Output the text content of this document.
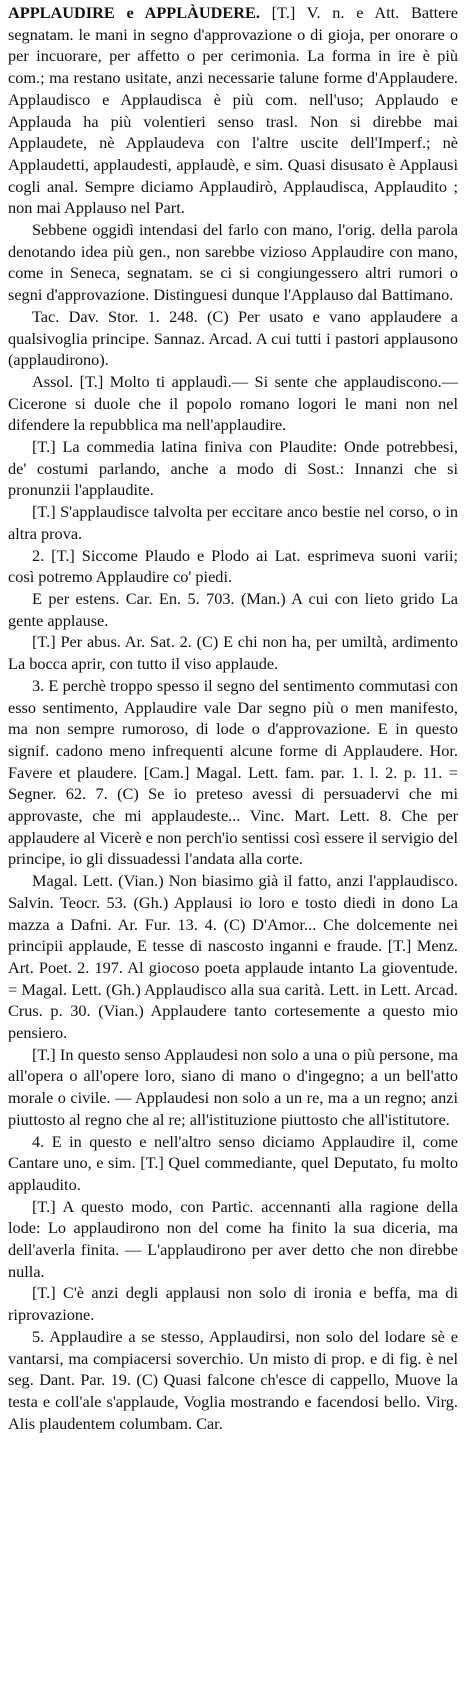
APPLAUDIRE e APPLÀUDERE. [T.] V. n. e Att. Battere segnatam. le mani in segno d'approvazione o di gioja, per onorare o per incuorare, per affetto o per cerimonia. La forma in ire è più com.; ma restano usitate, anzi necessarie talune forme d'Applaudere. Applaudisco e Applaudisca è più com. nell'uso; Applaudo e Applauda ha più volentieri senso trasl. Non si direbbe mai Applaudete, nè Applaudeva con l'altre uscite dell'Imperf.; nè Applaudetti, applaudesti, applaudè, e sim. Quasi disusato è Applausi cogli anal. Sempre diciamo Applaudirò, Applaudisca, Applaudito ; non mai Applauso nel Part.

Sebbene oggidì intendasi del farlo con mano, l'orig. della parola denotando idea più gen., non sarebbe vizioso Applaudire con mano, come in Seneca, segnatam. se ci si congiungessero altri rumori o segni d'approvazione. Distinguesi dunque l'Applauso dal Battimano.

Tac. Dav. Stor. 1. 248. (C) Per usato e vano applaudere a qualsivoglia principe. Sannaz. Arcad. A cui tutti i pastori applausono (applaudirono).

Assol. [T.] Molto ti applaudì.— Si sente che applaudiscono.— Cicerone si duole che il popolo romano logori le mani non nel difendere la repubblica ma nell'applaudire.

[T.] La commedia latina finiva con Plaudite: Onde potrebbesi, de' costumi parlando, anche a modo di Sost.: Innanzi che si pronunzii l'applaudite.

[T.] S'applaudisce talvolta per eccitare anco bestie nel corso, o in altra prova.

2. [T.] Siccome Plaudo e Plodo ai Lat. esprimeva suoni varii; così potremo Applaudire co' piedi.

E per estens. Car. En. 5. 703. (Man.) A cui con lieto grido La gente applause.

[T.] Per abus. Ar. Sat. 2. (C) E chi non ha, per umiltà, ardimento La bocca aprir, con tutto il viso applaude.

3. E perchè troppo spesso il segno del sentimento commutasi con esso sentimento, Applaudire vale Dar segno più o men manifesto, ma non sempre rumoroso, di lode o d'approvazione. E in questo signif. cadono meno infrequenti alcune forme di Applaudere. Hor. Favere et plaudere. [Cam.] Magal. Lett. fam. par. 1. l. 2. p. 11. = Segner. 62. 7. (C) Se io preteso avessi di persuadervi che mi approvaste, che mi applaudeste... Vinc. Mart. Lett. 8. Che per applaudere al Vicerè e non perch'io sentissi così essere il servigio del principe, io gli dissuadessi l'andata alla corte.

Magal. Lett. (Vian.) Non biasimo già il fatto, anzi l'applaudisco. Salvin. Teocr. 53. (Gh.) Applausi io loro e tosto diedi in dono La mazza a Dafni. Ar. Fur. 13. 4. (C) D'Amor... Che dolcemente nei principii applaude, E tesse di nascosto inganni e fraude. [T.] Menz. Art. Poet. 2. 197. Al giocoso poeta applaude intanto La gioventude. = Magal. Lett. (Gh.) Applaudisco alla sua carità. Lett. in Lett. Arcad. Crus. p. 30. (Vian.) Applaudere tanto cortesemente a questo mio pensiero.

[T.] In questo senso Applaudesi non solo a una o più persone, ma all'opera o all'opere loro, siano di mano o d'ingegno; a un bell'atto morale o civile. — Applaudesi non solo a un re, ma a un regno; anzi piuttosto al regno che al re; all'istituzione piuttosto che all'istitutore.

4. E in questo e nell'altro senso diciamo Applaudire il, come Cantare uno, e sim. [T.] Quel commediante, quel Deputato, fu molto applaudito.

[T.] A questo modo, con Partic. accennanti alla ragione della lode: Lo applaudirono non del come ha finito la sua diceria, ma dell'averla finita. — L'applaudirono per aver detto che non direbbe nulla.

[T.] C'è anzi degli applausi non solo di ironia e beffa, ma di riprovazione.

5. Applaudire a se stesso, Applaudirsi, non solo del lodare sè e vantarsi, ma compiacersi soverchio. Un misto di prop. e di fig. è nel seg. Dant. Par. 19. (C) Quasi falcone ch'esce di cappello, Muove la testa e coll'ale s'applaude, Voglia mostrando e facendosi bello. Virg. Alis plaudentem columbam. Car.
